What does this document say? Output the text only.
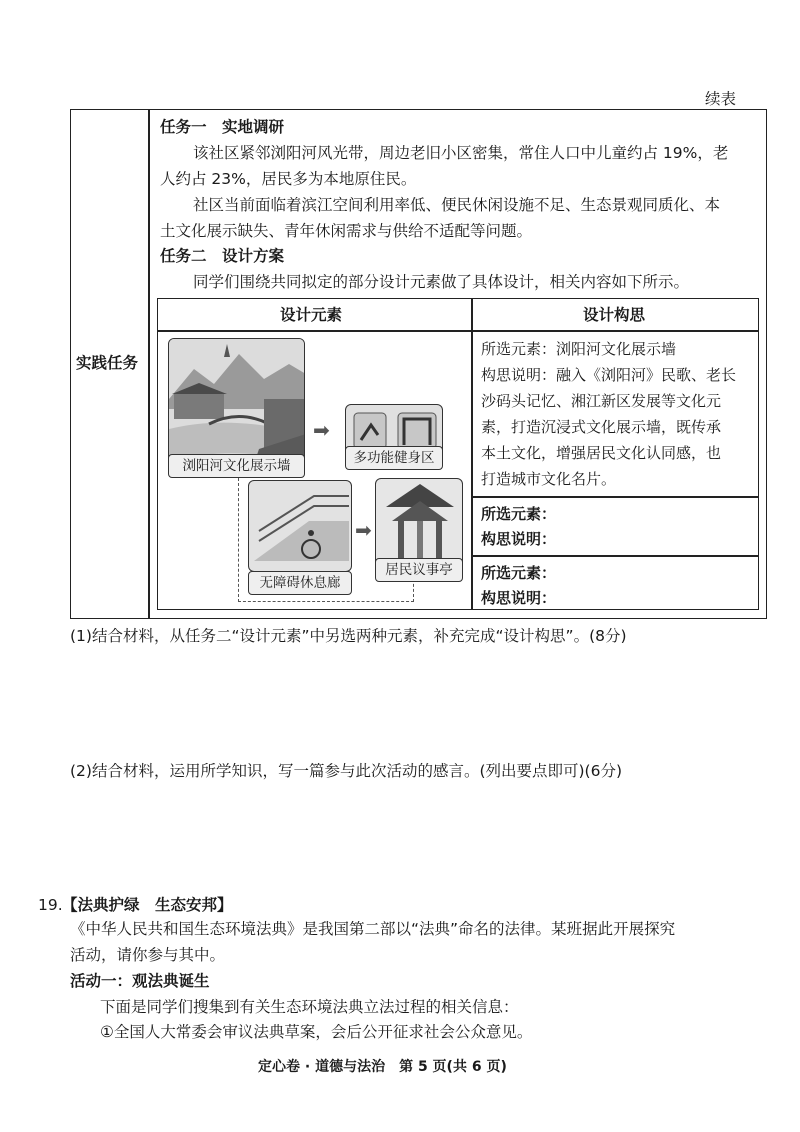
续表
实践任务
任务一　实地调研
该社区紧邻浏阳河风光带，周边老旧小区密集，常住人口中儿童约占 19%，老
人约占 23%，居民多为本地原住民。
社区当前面临着滨江空间利用率低、便民休闲设施不足、生态景观同质化、本
土文化展示缺失、青年休闲需求与供给不适配等问题。
任务二　设计方案
同学们围绕共同拟定的部分设计元素做了具体设计，相关内容如下所示。
设计元素	设计构思
浏阳河文化展示墙
➡
多功能健身区
无障碍休息廊
➡
居民议事亭
所选元素：浏阳河文化展示墙
构思说明：融入《浏阳河》民歌、老长
沙码头记忆、湘江新区发展等文化元
素，打造沉浸式文化展示墙，既传承
本土文化，增强居民文化认同感，也
打造城市文化名片。
所选元素：
构思说明：
所选元素：
构思说明：
(1)结合材料，从任务二“设计元素”中另选两种元素，补充完成“设计构思”。(8分)
(2)结合材料，运用所学知识，写一篇参与此次活动的感言。(列出要点即可)(6分)
19. 【法典护绿　生态安邦】
《中华人民共和国生态环境法典》是我国第二部以“法典”命名的法律。某班据此开展探究
活动，请你参与其中。
活动一：观法典诞生
下面是同学们搜集到有关生态环境法典立法过程的相关信息：
①全国人大常委会审议法典草案，会后公开征求社会公众意见。
定心卷 · 道德与法治　第 5 页(共 6 页)
